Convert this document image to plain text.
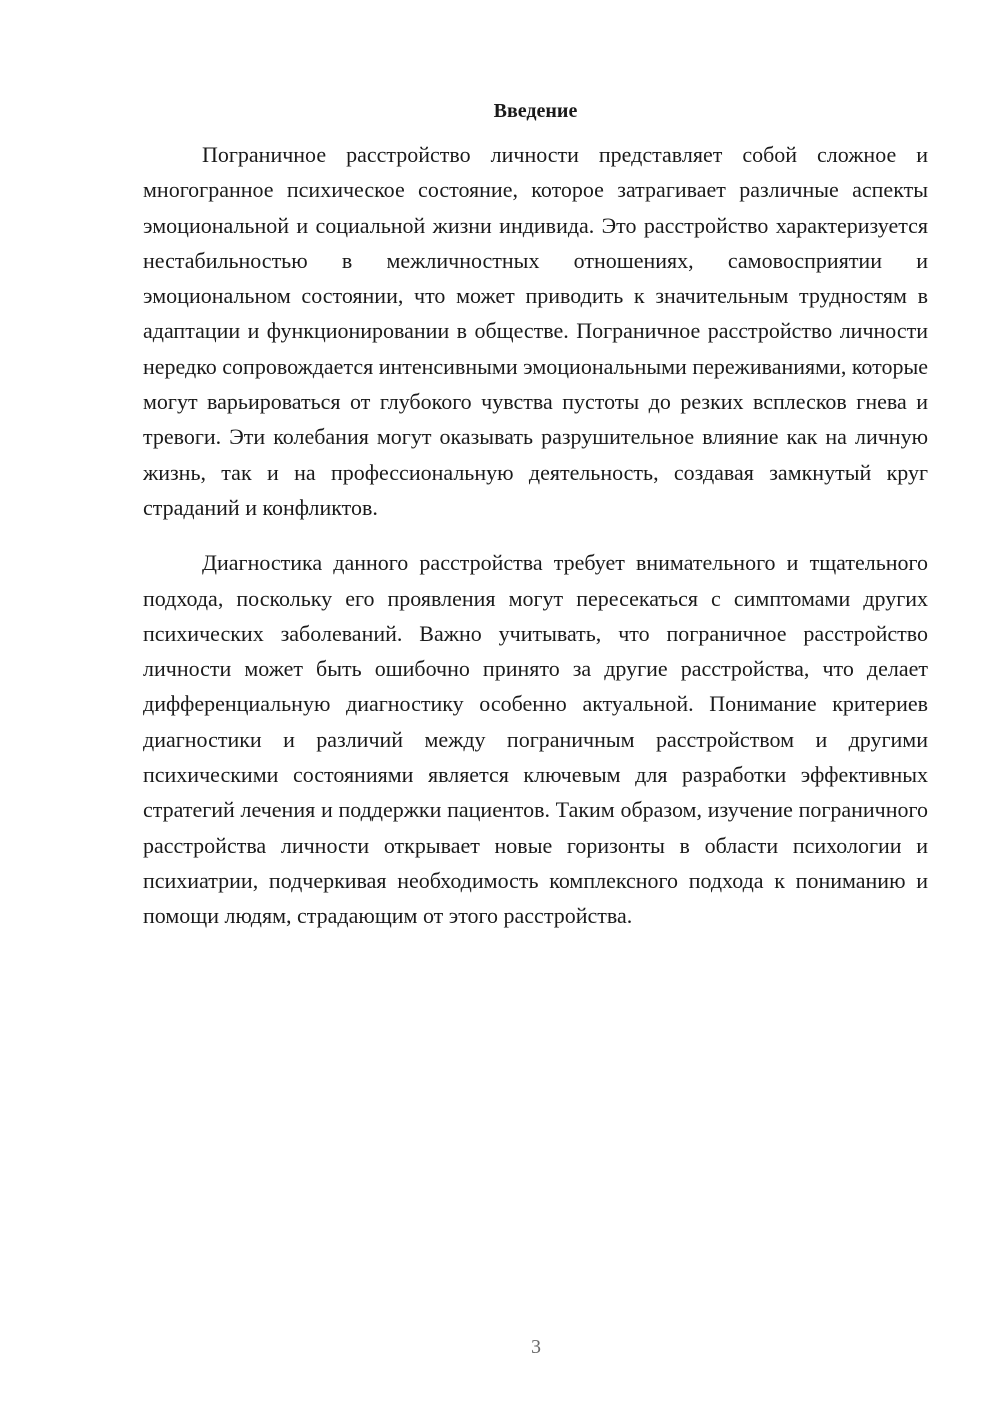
Введение

Пограничное расстройство личности представляет собой сложное и многогранное психическое состояние, которое затрагивает различные аспекты эмоциональной и социальной жизни индивида. Это расстройство характеризуется нестабильностью в межличностных отношениях, самовосприятии и эмоциональном состоянии, что может приводить к значительным трудностям в адаптации и функционировании в обществе. Пограничное расстройство личности нередко сопровождается интенсивными эмоциональными переживаниями, которые могут варьироваться от глубокого чувства пустоты до резких всплесков гнева и тревоги. Эти колебания могут оказывать разрушительное влияние как на личную жизнь, так и на профессиональную деятельность, создавая замкнутый круг страданий и конфликтов.

Диагностика данного расстройства требует внимательного и тщательного подхода, поскольку его проявления могут пересекаться с симптомами других психических заболеваний. Важно учитывать, что пограничное расстройство личности может быть ошибочно принято за другие расстройства, что делает дифференциальную диагностику особенно актуальной. Понимание критериев диагностики и различий между пограничным расстройством и другими психическими состояниями является ключевым для разработки эффективных стратегий лечения и поддержки пациентов. Таким образом, изучение пограничного расстройства личности открывает новые горизонты в области психологии и психиатрии, подчеркивая необходимость комплексного подхода к пониманию и помощи людям, страдающим от этого расстройства.

3
